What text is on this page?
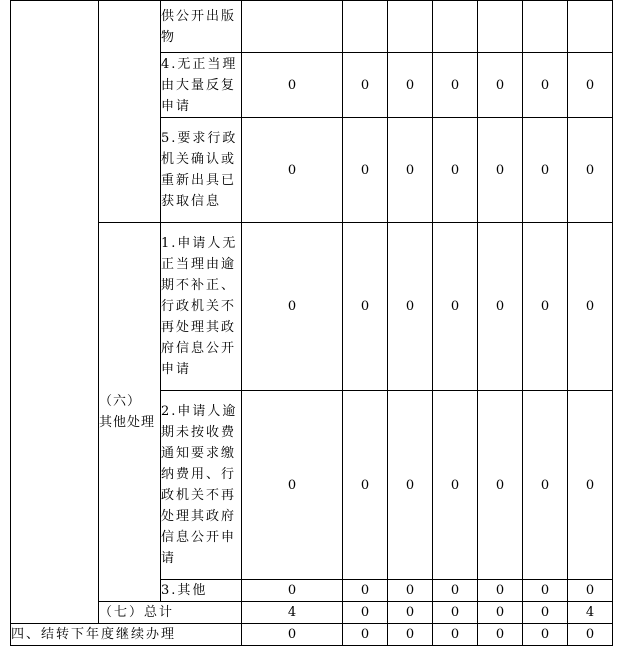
		供公开出版物							
		4.无正当理由大量反复申请	0	0	0	0	0	0	0
		5.要求行政机关确认或重新出具已获取信息	0	0	0	0	0	0	0

	（六）
其他处理	1.申请人无正当理由逾期不补正、行政机关不再处理其政府信息公开申请	0	0	0	0	0	0	0
		2.申请人逾期未按收费通知要求缴纳费用、行政机关不再处理其政府信息公开申请	0	0	0	0	0	0	0
		3.其他	0	0	0	0	0	0	0
	（七）总计		4	0	0	0	0	0	4
四、结转下年度继续办理			0	0	0	0	0	0	0
